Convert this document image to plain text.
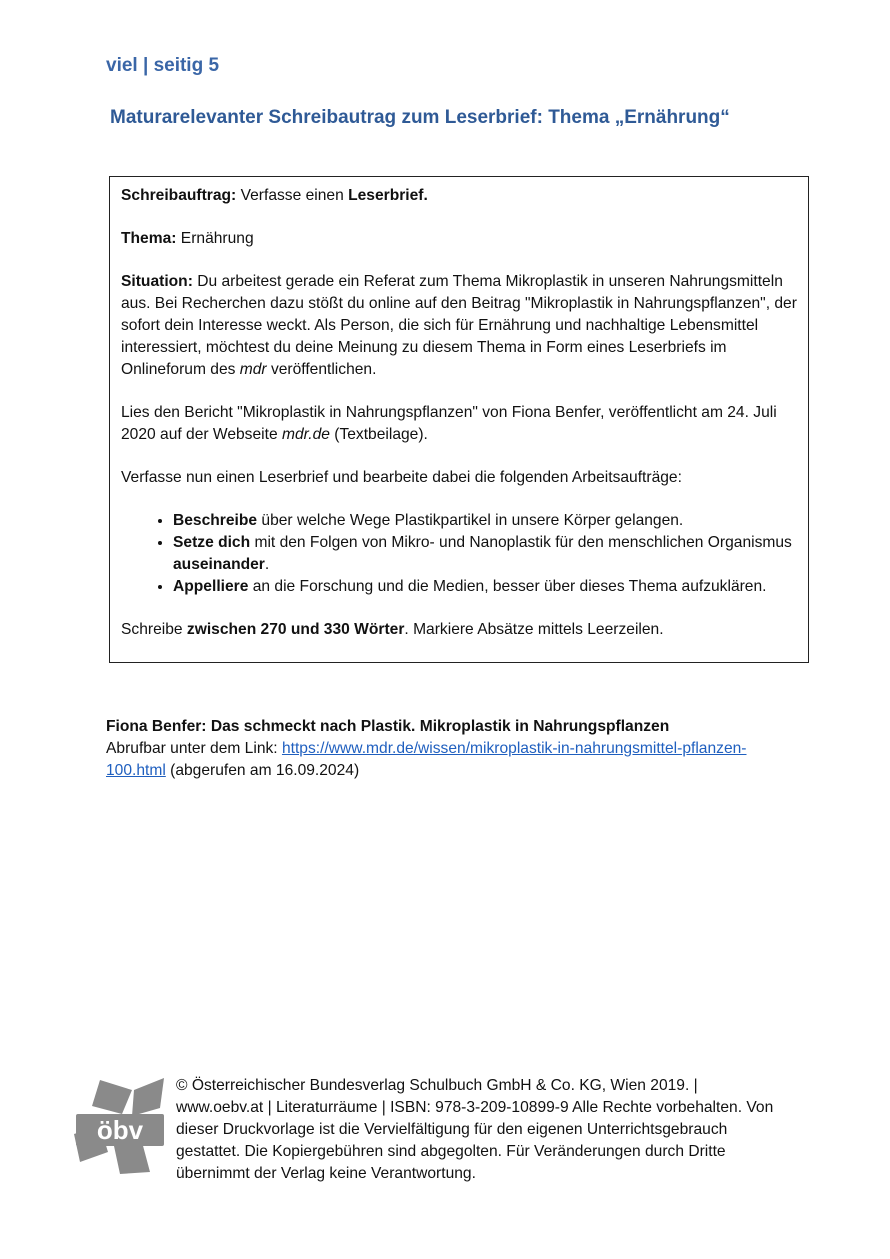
viel | seitig 5
Maturarelevanter Schreibautrag zum Leserbrief: Thema „Ernährung“

Schreibauftrag: Verfasse einen Leserbrief.

Thema: Ernährung

Situation: Du arbeitest gerade ein Referat zum Thema Mikroplastik in unseren Nahrungsmitteln aus. Bei Recherchen dazu stößt du online auf den Beitrag "Mikroplastik in Nahrungspflanzen", der sofort dein Interesse weckt. Als Person, die sich für Ernährung und nachhaltige Lebensmittel interessiert, möchtest du deine Meinung zu diesem Thema in Form eines Leserbriefs im Onlineforum des mdr veröffentlichen.

Lies den Bericht "Mikroplastik in Nahrungspflanzen" von Fiona Benfer, veröffentlicht am 24. Juli 2020 auf der Webseite mdr.de (Textbeilage).

Verfasse nun einen Leserbrief und bearbeite dabei die folgenden Arbeitsaufträge:

• Beschreibe über welche Wege Plastikpartikel in unsere Körper gelangen.
• Setze dich mit den Folgen von Mikro- und Nanoplastik für den menschlichen Organismus auseinander.
• Appelliere an die Forschung und die Medien, besser über dieses Thema aufzuklären.

Schreibe zwischen 270 und 330 Wörter. Markiere Absätze mittels Leerzeilen.

Fiona Benfer: Das schmeckt nach Plastik. Mikroplastik in Nahrungspflanzen
Abrufbar unter dem Link: https://www.mdr.de/wissen/mikroplastik-in-nahrungsmittel-pflanzen-100.html (abgerufen am 16.09.2024)
öbv
© Österreichischer Bundesverlag Schulbuch GmbH & Co. KG, Wien 2019. | www.oebv.at | Literaturräume | ISBN: 978-3-209-10899-9 Alle Rechte vorbehalten. Von dieser Druckvorlage ist die Vervielfältigung für den eigenen Unterrichtsgebrauch gestattet. Die Kopiergebühren sind abgegolten. Für Veränderungen durch Dritte übernimmt der Verlag keine Verantwortung.
